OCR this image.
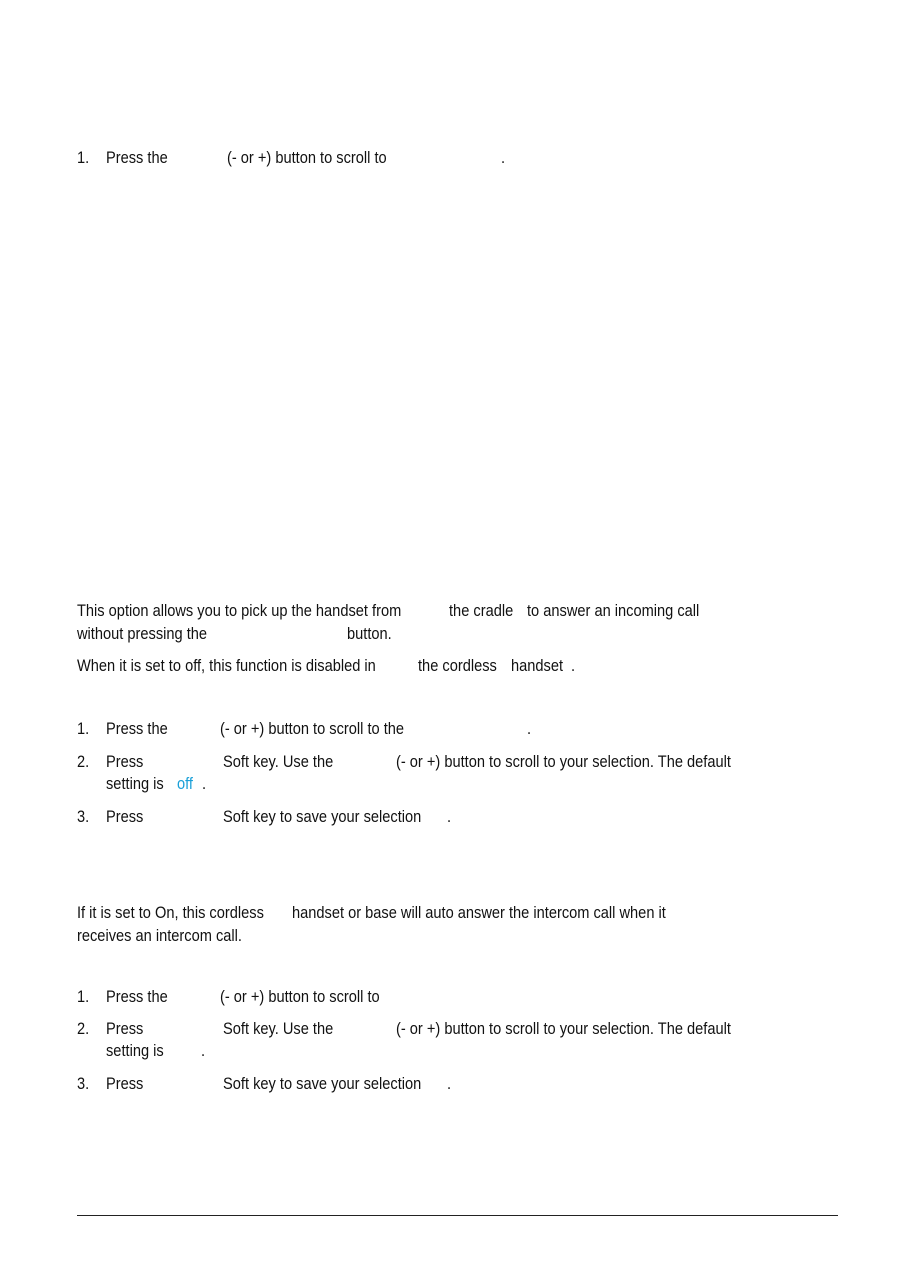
1. Press the	(- or +) button to scroll to	.
This option allows you to pick up the handset from	the cradle to answer an incoming call
without pressing the	button.
When it is set to off, this function is disabled in the cordless handset .
1. Press the	(- or +) button to scroll to the	.
2. Press	Soft key. Use the	(- or +) button to scroll to your selection. The default
setting is off .
3. Press	Soft key to save your selection .
If it is set to On, this cordless handset or base will auto answer the intercom call when it
receives an intercom call.
1. Press the	(- or +) button to scroll to
2. Press	Soft key. Use the	(- or +) button to scroll to your selection. The default
setting is .
3. Press	Soft key to save your selection .
